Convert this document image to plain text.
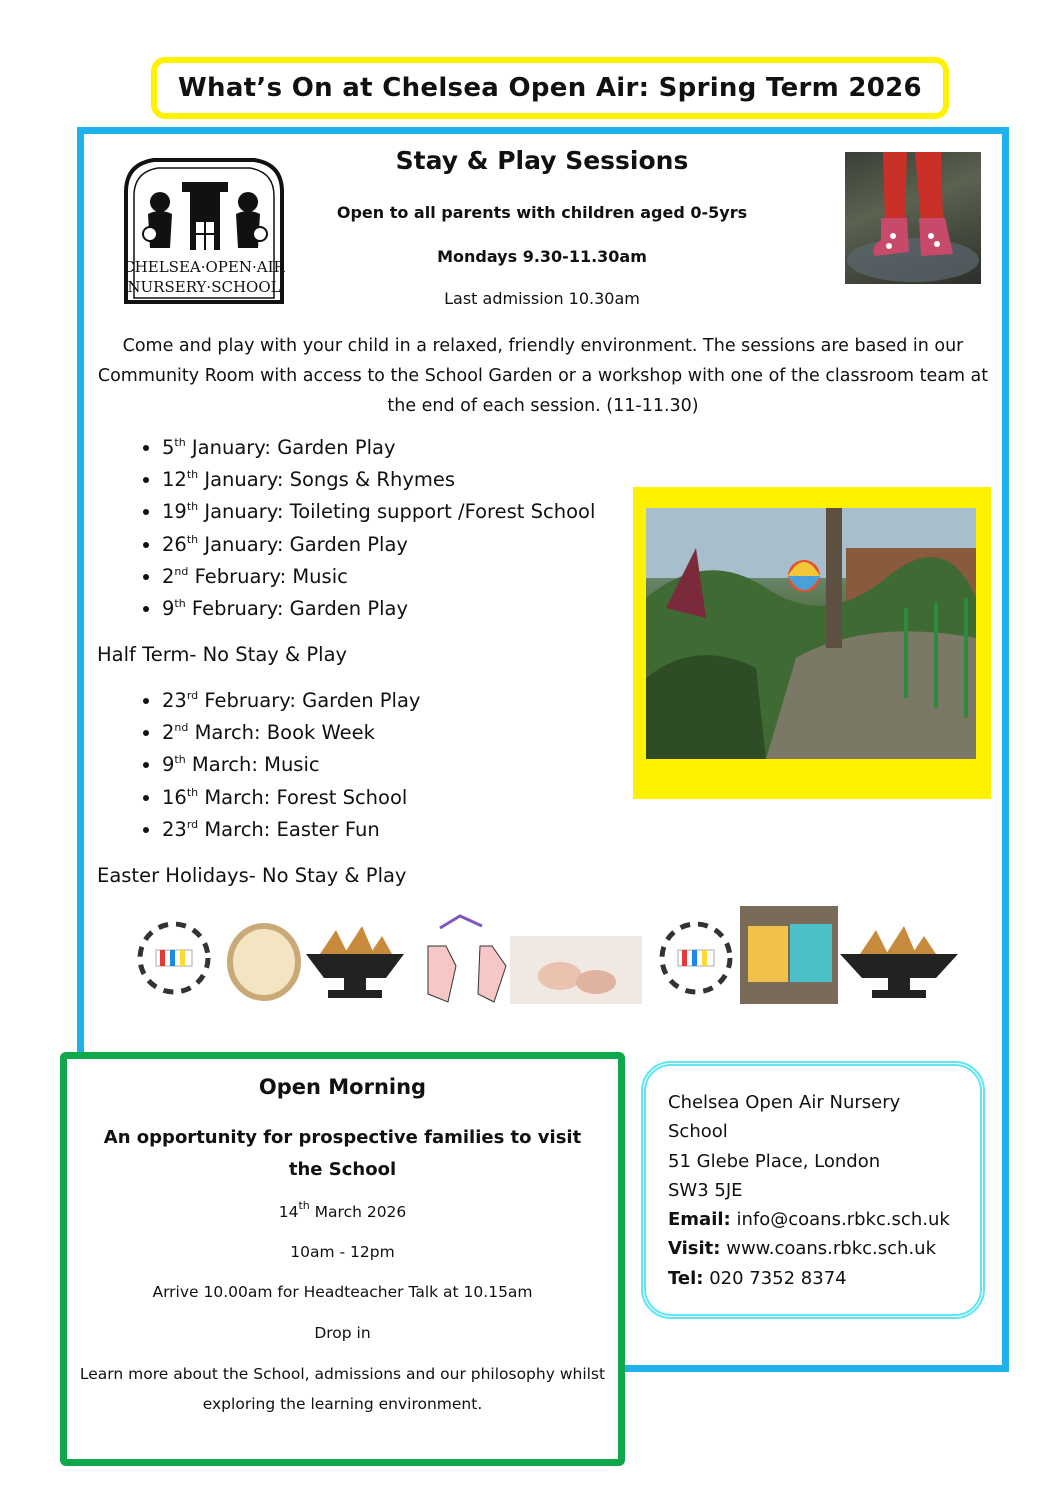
What’s On at Chelsea Open Air: Spring Term 2026
CHELSEA·OPEN·AIR
NURSERY·SCHOOL
Stay & Play Sessions
Open to all parents with children aged 0-5yrs
Mondays 9.30-11.30am
Last admission 10.30am
Come and play with your child in a relaxed, friendly environment. The sessions are based in our Community Room with access to the School Garden or a workshop with one of the classroom team at the end of each session. (11-11.30)
• 5th January: Garden Play
• 12th January: Songs & Rhymes
• 19th January: Toileting support /Forest School
• 26th January: Garden Play
• 2nd February: Music
• 9th February: Garden Play
Half Term- No Stay & Play
• 23rd February: Garden Play
• 2nd March: Book Week
• 9th March: Music
• 16th March: Forest School
• 23rd March: Easter Fun
Easter Holidays- No Stay & Play
Open Morning
An opportunity for prospective families to visit the School
14th March 2026
10am - 12pm
Arrive 10.00am for Headteacher Talk at 10.15am
Drop in
Learn more about the School, admissions and our philosophy whilst exploring the learning environment.
Chelsea Open Air Nursery
School
51 Glebe Place, London
SW3 5JE
Email: info@coans.rbkc.sch.uk
Visit: www.coans.rbkc.sch.uk
Tel: 020 7352 8374
